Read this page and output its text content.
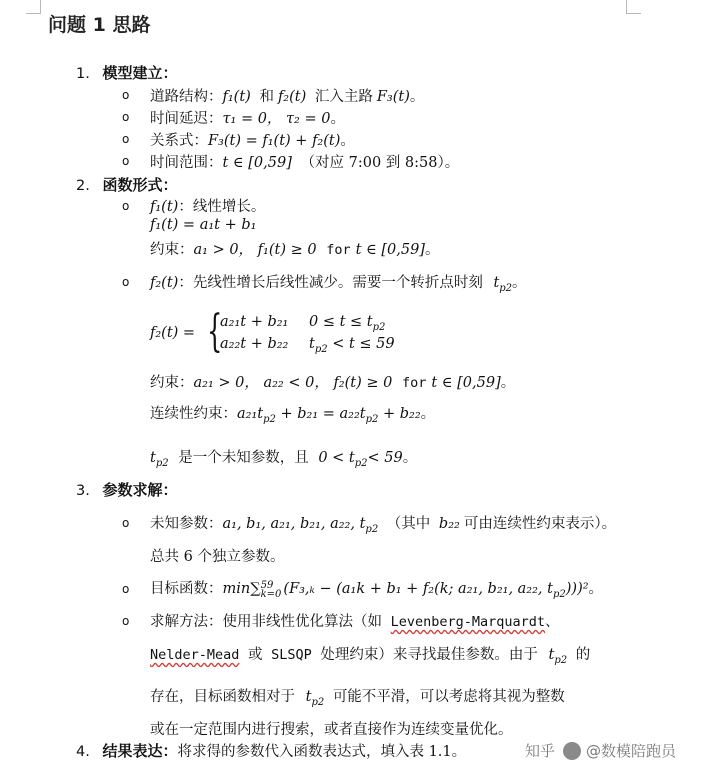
问题 1 思路
1. 模型建立：
o 道路结构：f₁(t) 和 f₂(t) 汇入主路 F₃(t)。
o 时间延迟：τ₁ = 0， τ₂ = 0。
o 关系式：F₃(t) = f₁(t) + f₂(t)。
o 时间范围：t ∈ [0,59] （对应 7:00 到 8:58）。
2. 函数形式：
o f₁(t)：线性增长。
f₁(t) = a₁t + b₁
约束：a₁ > 0， f₁(t) ≥ 0 for t ∈ [0,59]。
o f₂(t)：先线性增长后线性减少。需要一个转折点时刻 $t_{p2}$。
f₂(t) = {
a₂₁t + b₂₁ $0 \le t \le t_{p2}$
a₂₂t + b₂₂ $t_{p2} < t \le 59$
约束：a₂₁ > 0， a₂₂ < 0， f₂(t) ≥ 0 for t ∈ [0,59]。
连续性约束：$a_{21}t_{p2} + b_{21} = a_{22}t_{p2} + b_{22}$。
$t_{p2}$ 是一个未知参数，且 $0 < t_{p2}< 59$。
3. 参数求解：
o 未知参数：a₁, b₁, a₂₁, b₂₁, a₂₂, $t_{p2}$ （其中 b₂₂ 可由连续性约束表示）。
总共 6 个独立参数。
o 目标函数：min∑ 59
k=0 (F₃,ₖ − (a₁k + b₁ + f₂(k; a₂₁, b₂₁, a₂₂, $t_{p2})))^2$。
o 求解方法：使用非线性优化算法（如 Levenberg-Marquardt、
Nelder-Mead 或 SLSQP 处理约束）来寻找最佳参数。由于 $t_{p2}$ 的
存在，目标函数相对于 $t_{p2}$ 可能不平滑，可以考虑将其视为整数
或在一定范围内进行搜索，或者直接作为连续变量优化。
4. 结果表达：将求得的参数代入函数表达式，填入表 1.1。	知乎 @数模陪跑员
